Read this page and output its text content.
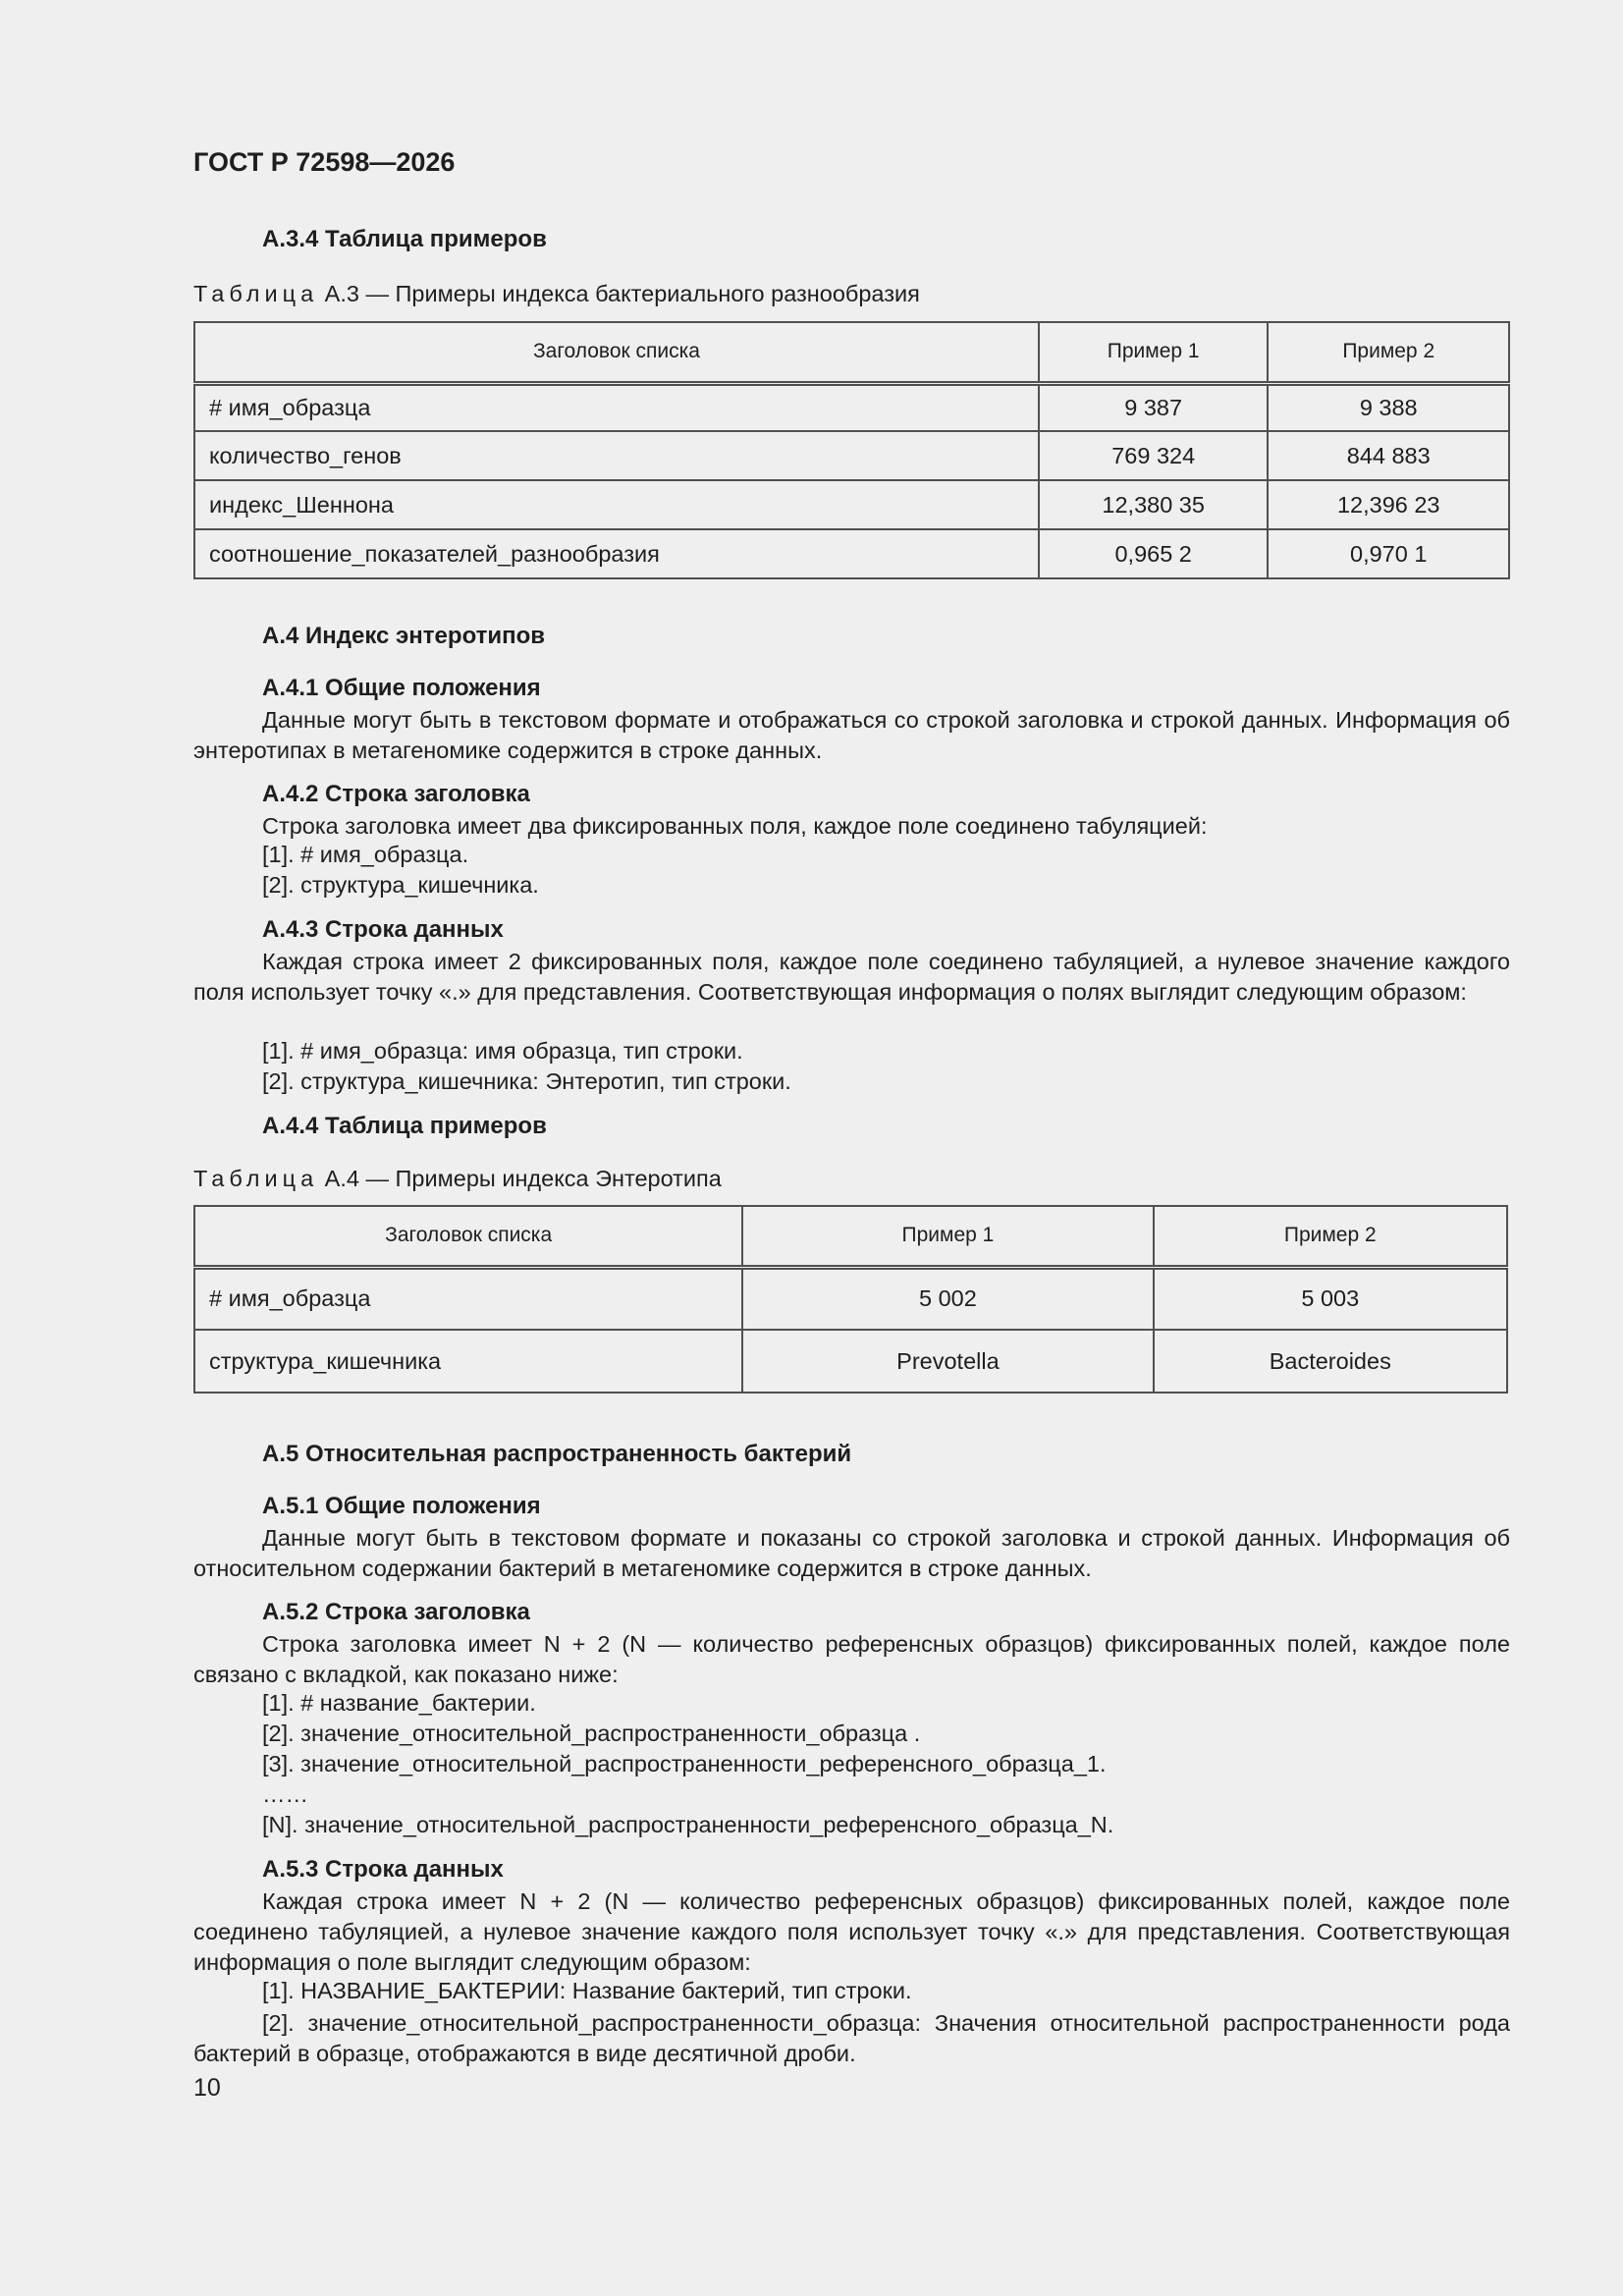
ГОСТ Р 72598—2026
А.3.4 Таблица примеров
Таблица А.3 — Примеры индекса бактериального разнообразия
Заголовок списка	Пример 1	Пример 2
# имя_образца	9 387	9 388
количество_генов	769 324	844 883
индекс_Шеннона	12,380 35	12,396 23
соотношение_показателей_разнообразия	0,965 2	0,970 1
А.4 Индекс энтеротипов
А.4.1 Общие положения
Данные могут быть в текстовом формате и отображаться со строкой заголовка и строкой данных. Информация об энтеротипах в метагеномике содержится в строке данных.
А.4.2 Строка заголовка
Строка заголовка имеет два фиксированных поля, каждое поле соединено табуляцией:
[1]. # имя_образца.
[2]. структура_кишечника.
А.4.3 Строка данных
Каждая строка имеет 2 фиксированных поля, каждое поле соединено табуляцией, а нулевое значение каждого поля использует точку «.» для представления. Соответствующая информация о полях выглядит следующим образом:
[1]. # имя_образца: имя образца, тип строки.
[2]. структура_кишечника: Энтеротип, тип строки.
А.4.4 Таблица примеров
Таблица А.4 — Примеры индекса Энтеротипа
Заголовок списка	Пример 1	Пример 2
# имя_образца	5 002	5 003
структура_кишечника	Prevotella	Bacteroides
А.5 Относительная распространенность бактерий
А.5.1 Общие положения
Данные могут быть в текстовом формате и показаны со строкой заголовка и строкой данных. Информация об относительном содержании бактерий в метагеномике содержится в строке данных.
А.5.2 Строка заголовка
Строка заголовка имеет N + 2 (N — количество референсных образцов) фиксированных полей, каждое поле связано с вкладкой, как показано ниже:
[1]. # название_бактерии.
[2]. значение_относительной_распространенности_образца .
[3]. значение_относительной_распространенности_референсного_образца_1.
……
[N]. значение_относительной_распространенности_референсного_образца_N.
А.5.3 Строка данных
Каждая строка имеет N + 2 (N — количество референсных образцов) фиксированных полей, каждое поле соединено табуляцией, а нулевое значение каждого поля использует точку «.» для представления. Соответствующая информация о поле выглядит следующим образом:
[1]. НАЗВАНИЕ_БАКТЕРИИ: Название бактерий, тип строки.
[2]. значение_относительной_распространенности_образца: Значения относительной распространенности рода бактерий в образце, отображаются в виде десятичной дроби.
10
